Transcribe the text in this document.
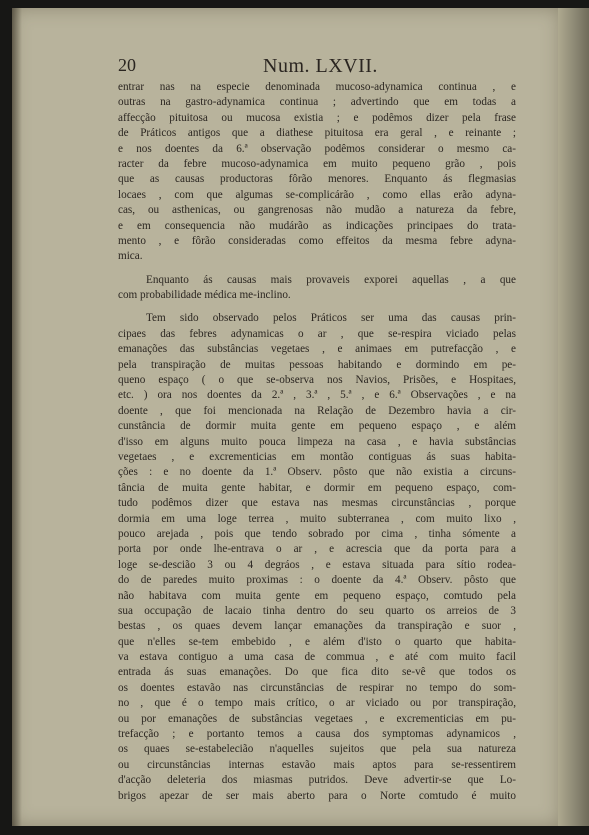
20	Num. LXVII.
entrar nas na especie denominada mucoso-adynamica continua , e
outras na gastro-adynamica continua ; advertindo que em todas a
affecção pituitosa ou mucosa existia ; e podêmos dizer pela frase
de Práticos antigos que a diathese pituitosa era geral , e reinante ;
e nos doentes da 6.ª observação podêmos considerar o mesmo ca-
racter da febre mucoso-adynamica em muito pequeno grão , pois
que as causas productoras fôrão menores. Enquanto ás flegmasias
locaes , com que algumas se-complicárão , como ellas erão adyna-
cas, ou asthenicas, ou gangrenosas não mudão a natureza da febre,
e em consequencia não mudárão as indicações principaes do trata-
mento , e fôrão consideradas como effeitos da mesma febre adyna-
mica.
Enquanto ás causas mais provaveis exporei aquellas , a que
com probabilidade médica me-inclino.
Tem sido observado pelos Práticos ser uma das causas prin-
cipaes das febres adynamicas o ar , que se-respira viciado pelas
emanações das substâncias vegetaes , e animaes em putrefacção , e
pela transpiração de muitas pessoas habitando e dormindo em pe-
queno espaço ( o que se-observa nos Navios, Prisões, e Hospitaes,
etc. ) ora nos doentes da 2.ª , 3.ª , 5.ª , e 6.ª Observações , e na
doente , que foi mencionada na Relação de Dezembro havia a cir-
cunstância de dormir muita gente em pequeno espaço , e além
d'isso em alguns muito pouca limpeza na casa , e havia substâncias
vegetaes , e excrementicias em montão contiguas ás suas habita-
ções : e no doente da 1.ª Observ. pôsto que não existia a circuns-
tância de muita gente habitar, e dormir em pequeno espaço, com-
tudo podêmos dizer que estava nas mesmas circunstâncias , porque
dormia em uma loge terrea , muito subterranea , com muito lixo ,
pouco arejada , pois que tendo sobrado por cima , tinha sómente a
porta por onde lhe-entrava o ar , e acrescia que da porta para a
loge se-descião 3 ou 4 degráos , e estava situada para sítio rodea-
do de paredes muito proximas : o doente da 4.ª Observ. pôsto que
não habitava com muita gente em pequeno espaço, comtudo pela
sua occupação de lacaio tinha dentro do seu quarto os arreios de 3
bestas , os quaes devem lançar emanações da transpiração e suor ,
que n'elles se-tem embebido , e além d'isto o quarto que habita-
va estava contiguo a uma casa de commua , e até com muito facil
entrada ás suas emanações. Do que fica dito se-vê que todos os
os doentes estavão nas circunstâncias de respirar no tempo do som-
no , que é o tempo mais crítico, o ar viciado ou por transpiração,
ou por emanações de substâncias vegetaes , e excrementicias em pu-
trefacção ; e portanto temos a causa dos symptomas adynamicos ,
os quaes se-estabelecião n'aquelles sujeitos que pela sua natureza
ou circunstâncias internas estavão mais aptos para se-ressentirem
d'acção deleteria dos miasmas putridos. Deve advertir-se que Lo-
brigos apezar de ser mais aberto para o Norte comtudo é muito
